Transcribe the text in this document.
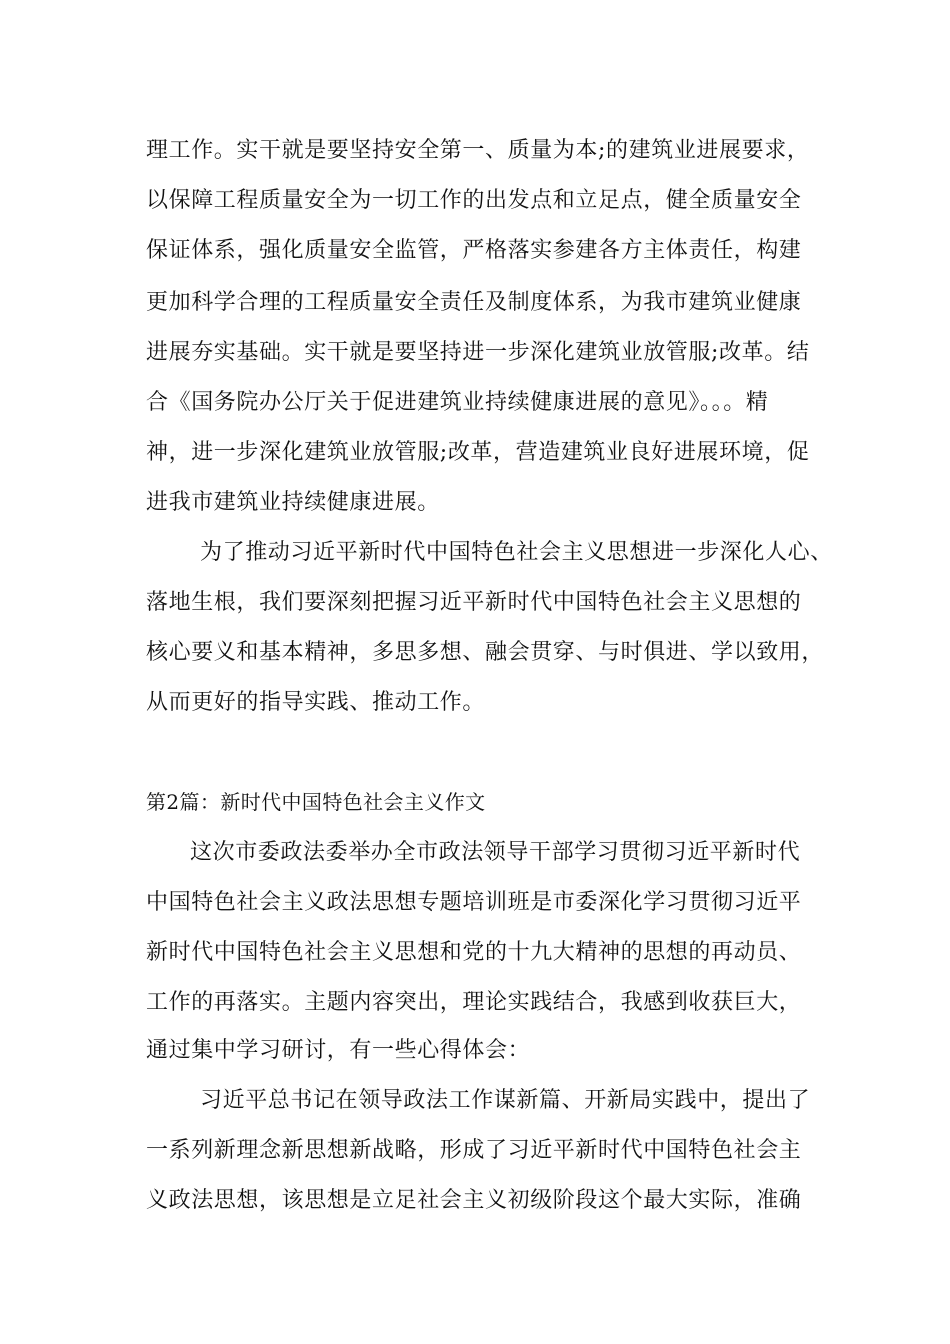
理工作。实干就是要坚持安全第一、质量为本;的建筑业进展要求，
以保障工程质量安全为一切工作的出发点和立足点，健全质量安全
保证体系，强化质量安全监管，严格落实参建各方主体责任，构建
更加科学合理的工程质量安全责任及制度体系，为我市建筑业健康
进展夯实基础。实干就是要坚持进一步深化建筑业放管服;改革。结
合《国务院办公厅关于促进建筑业持续健康进展的意见》。。。精
神，进一步深化建筑业放管服;改革，营造建筑业良好进展环境，促
进我市建筑业持续健康进展。
为了推动习近平新时代中国特色社会主义思想进一步深化人心、
落地生根，我们要深刻把握习近平新时代中国特色社会主义思想的
核心要义和基本精神，多思多想、融会贯穿、与时俱进、学以致用，
从而更好的指导实践、推动工作。
第2篇：新时代中国特色社会主义作文
这次市委政法委举办全市政法领导干部学习贯彻习近平新时代
中国特色社会主义政法思想专题培训班是市委深化学习贯彻习近平
新时代中国特色社会主义思想和党的十九大精神的思想的再动员、
工作的再落实。主题内容突出，理论实践结合，我感到收获巨大，
通过集中学习研讨，有一些心得体会：
习近平总书记在领导政法工作谋新篇、开新局实践中，提出了
一系列新理念新思想新战略，形成了习近平新时代中国特色社会主
义政法思想，该思想是立足社会主义初级阶段这个最大实际，准确
